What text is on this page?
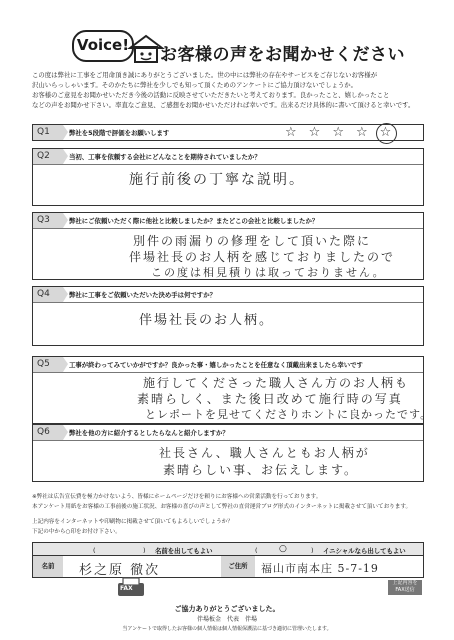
Voice! お客様の声をお聞かせください

この度は弊社に工事をご用命頂き誠にありがとうございました。世の中には弊社の存在やサービスをご存じないお客様が

沢山いらっしゃいます。そのかたちに弊社を少しでも知って頂くためのアンケートにご協力頂けないでしょうか。

お客様のご意見をお聞かせいただき今後の活動に反映させていただきたいと考えております。良かったこと、嬉しかったこと

などの声をお聞かせ下さい。率直なご意見、ご感想をお聞かせいただければ幸いです。出来るだけ具体的に書いて頂けると幸いです。

Q1	弊社を5段階で評価をお願いします	☆ ☆ ☆ ☆ ☆
Q2	当初、工事を依頼する会社にどんなことを期待されていましたか？
施行前後の丁寧な説明。
Q3	弊社にご依頼いただく際に他社と比較しましたか？またどこの会社と比較しましたか？
別件の雨漏りの修理をして頂いた際に
伴場社長のお人柄を感じておりましたので
この度は相見積りは取っておりません。
Q4	弊社に工事をご依頼いただいた決め手は何ですか？
伴場社長のお人柄。
Q5	工事が終わってみていかがですか？良かった事・嬉しかったことを任意なく頂戴出来ましたら幸いです
施行してくださった職人さん方のお人柄も
素晴らしく、また後日改めて施行時の写真
とレポートを見せてくださりホントに良かったです。
Q6	弊社を他の方に紹介するとしたらなんと紹介しますか？
社長さん、職人さんともお人柄が
素晴らしい事、お伝えします。
※弊社は広告宣伝費を極力かけないよう、皆様にホームページだけを頼りにお客様への営業活動を行っております。
本アンケート用紙をお客様の工事前後の施工状況、お客様の喜びの声として弊社の直営運営ブログ形式のインターネットに掲載させて頂いております。
上記内容をインターネットや印刷物に掲載させて頂いてもよろしいでしょうか？
下記の中から○印をお付け下さい。
(	) 名前を出してもよい	( ○	) イニシャルなら出してもよい
名前	杉之原 徹次	ご住所	福山市南本庄 5-7-19
FAX
上記内容をFAX送信
ご協力ありがとうございました。
伴場板金　代表　伴場
当アンケートで取得したお客様の個人情報は個人情報保護法に基づき適切に管理いたします。
